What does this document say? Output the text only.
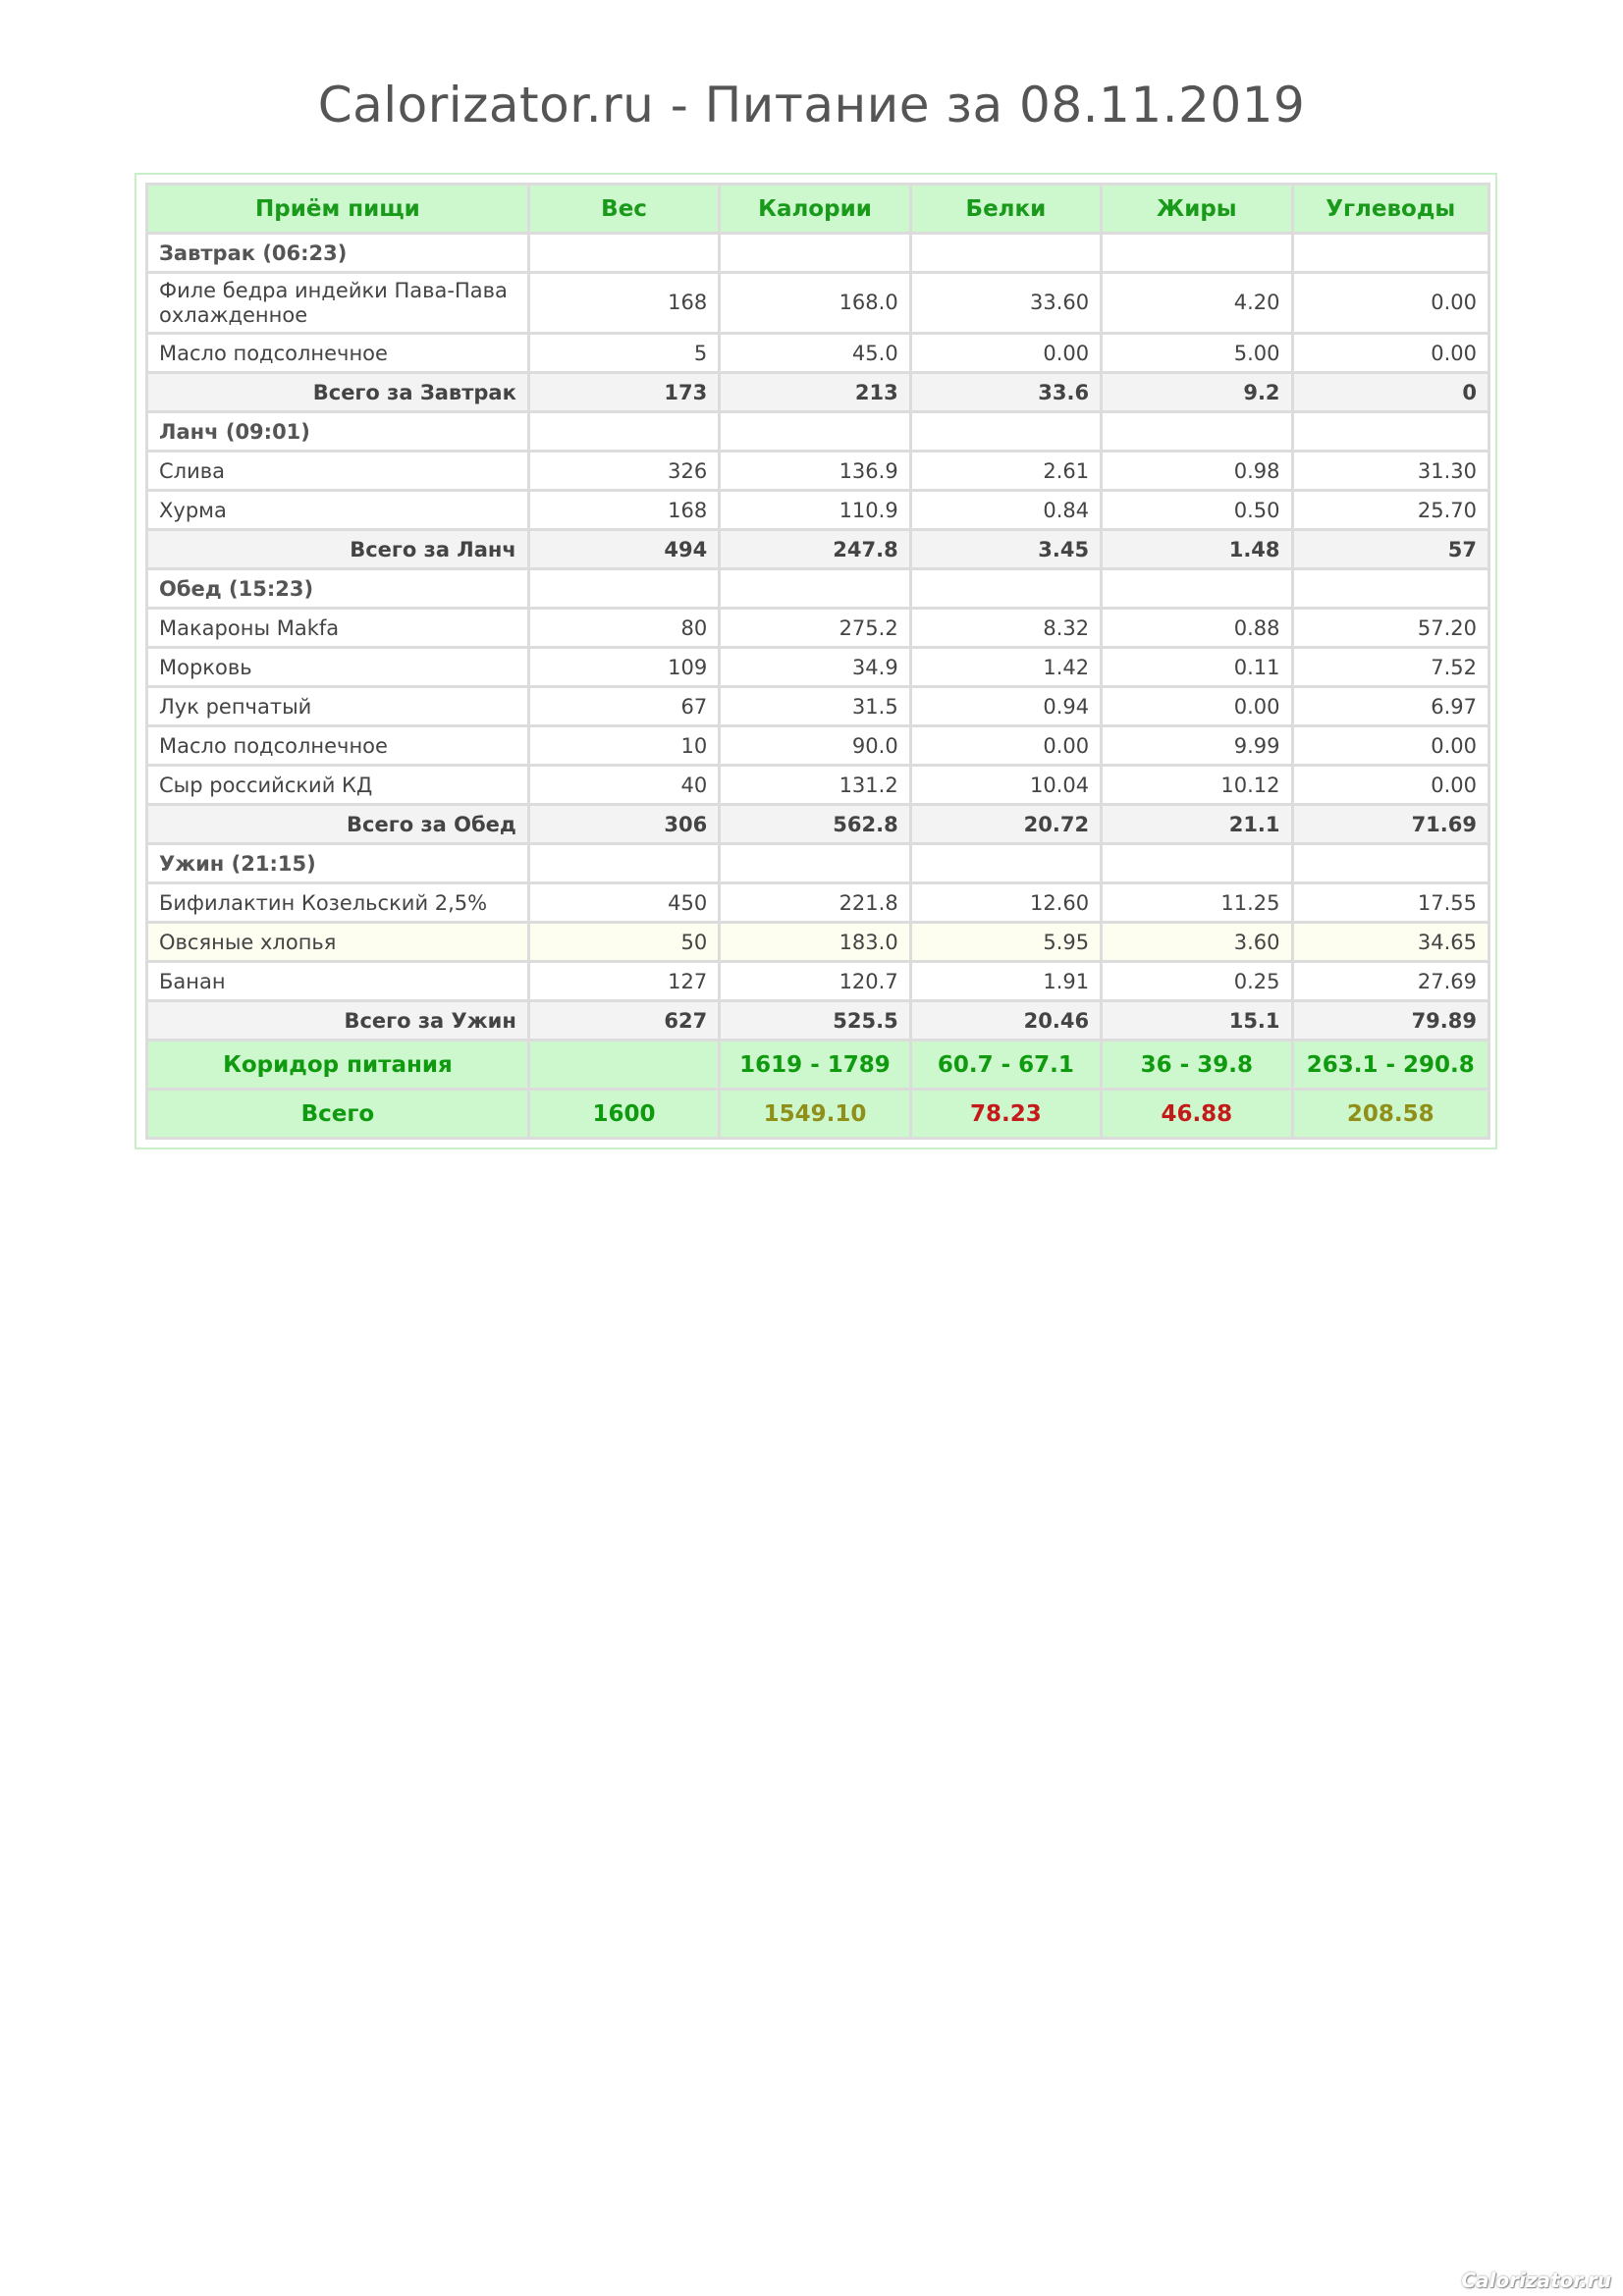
Calorizator.ru - Питание за 08.11.2019
Приём пищи	Вес	Калории	Белки	Жиры	Углеводы
Завтрак (06:23)					
Филе бедра индейки Пава-Пава охлажденное	168	168.0	33.60	4.20	0.00
Масло подсолнечное	5	45.0	0.00	5.00	0.00
Всего за Завтрак	173	213	33.6	9.2	0
Ланч (09:01)					
Слива	326	136.9	2.61	0.98	31.30
Хурма	168	110.9	0.84	0.50	25.70
Всего за Ланч	494	247.8	3.45	1.48	57
Обед (15:23)					
Макароны Makfa	80	275.2	8.32	0.88	57.20
Морковь	109	34.9	1.42	0.11	7.52
Лук репчатый	67	31.5	0.94	0.00	6.97
Масло подсолнечное	10	90.0	0.00	9.99	0.00
Сыр российский КД	40	131.2	10.04	10.12	0.00
Всего за Обед	306	562.8	20.72	21.1	71.69
Ужин (21:15)					
Бифилактин Козельский 2,5%	450	221.8	12.60	11.25	17.55
Овсяные хлопья	50	183.0	5.95	3.60	34.65
Банан	127	120.7	1.91	0.25	27.69
Всего за Ужин	627	525.5	20.46	15.1	79.89
Коридор питания		1619 - 1789	60.7 - 67.1	36 - 39.8	263.1 - 290.8
Всего	1600	1549.10	78.23	46.88	208.58
Calorizator.ru
